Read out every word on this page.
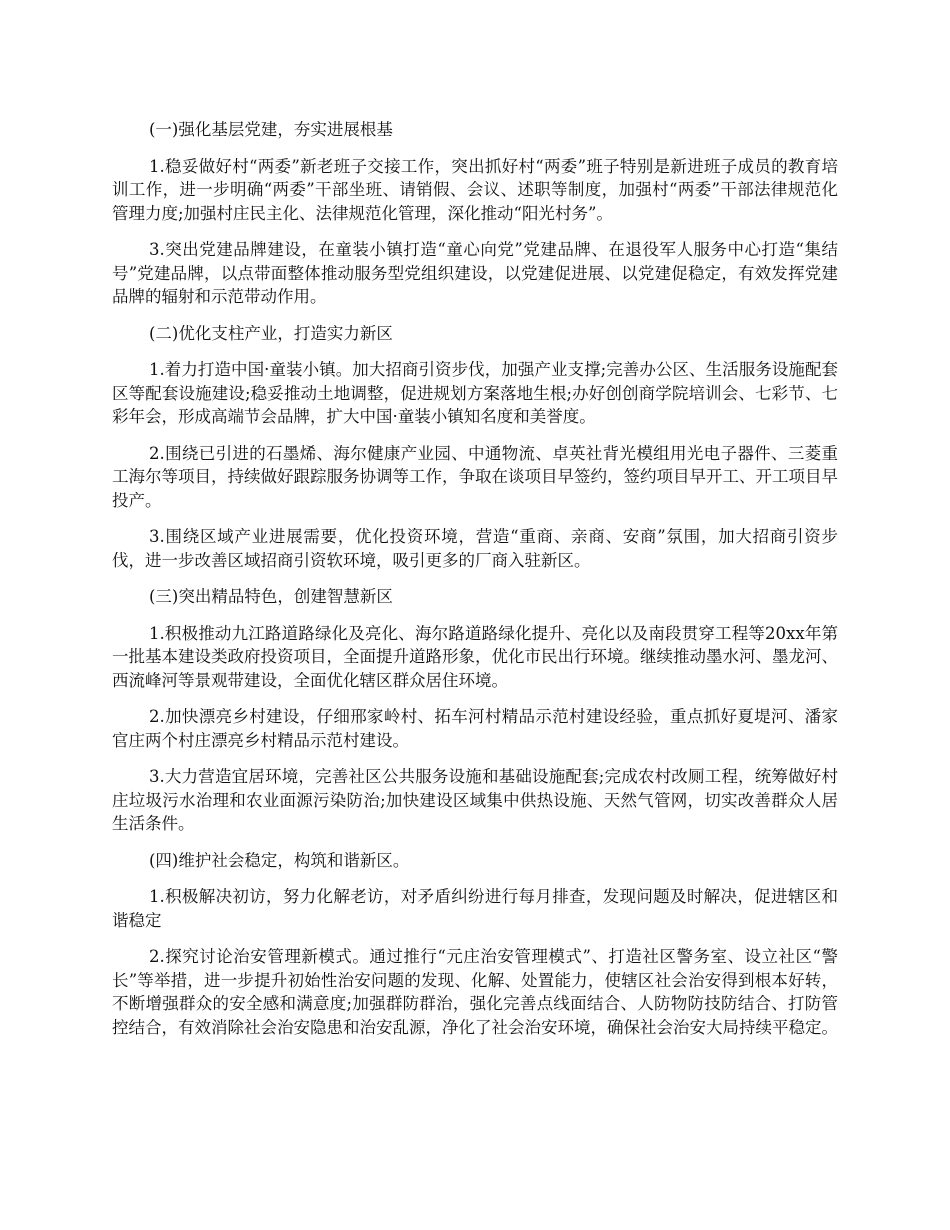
(一)强化基层党建，夯实进展根基

1.稳妥做好村“两委”新老班子交接工作，突出抓好村“两委”班子特别是新进班子成员的教育培训工作，进一步明确“两委”干部坐班、请销假、会议、述职等制度，加强村“两委”干部法律规范化管理力度;加强村庄民主化、法律规范化管理，深化推动“阳光村务”。

3.突出党建品牌建设，在童装小镇打造“童心向党”党建品牌、在退役军人服务中心打造“集结号”党建品牌，以点带面整体推动服务型党组织建设，以党建促进展、以党建促稳定，有效发挥党建品牌的辐射和示范带动作用。

(二)优化支柱产业，打造实力新区

1.着力打造中国·童装小镇。加大招商引资步伐，加强产业支撑;完善办公区、生活服务设施配套区等配套设施建设;稳妥推动土地调整，促进规划方案落地生根;办好创创商学院培训会、七彩节、七彩年会，形成高端节会品牌，扩大中国·童装小镇知名度和美誉度。

2.围绕已引进的石墨烯、海尔健康产业园、中通物流、卓英社背光模组用光电子器件、三菱重工海尔等项目，持续做好跟踪服务协调等工作，争取在谈项目早签约，签约项目早开工、开工项目早投产。

3.围绕区域产业进展需要，优化投资环境，营造“重商、亲商、安商”氛围，加大招商引资步伐，进一步改善区域招商引资软环境，吸引更多的厂商入驻新区。

(三)突出精品特色，创建智慧新区

1.积极推动九江路道路绿化及亮化、海尔路道路绿化提升、亮化以及南段贯穿工程等20xx年第一批基本建设类政府投资项目，全面提升道路形象，优化市民出行环境。继续推动墨水河、墨龙河、西流峰河等景观带建设，全面优化辖区群众居住环境。

2.加快漂亮乡村建设，仔细邢家岭村、拓车河村精品示范村建设经验，重点抓好夏堤河、潘家官庄两个村庄漂亮乡村精品示范村建设。

3.大力营造宜居环境，完善社区公共服务设施和基础设施配套;完成农村改厕工程，统筹做好村庄垃圾污水治理和农业面源污染防治;加快建设区域集中供热设施、天然气管网，切实改善群众人居生活条件。

(四)维护社会稳定，构筑和谐新区。

1.积极解决初访，努力化解老访，对矛盾纠纷进行每月排查，发现问题及时解决，促进辖区和谐稳定

2.探究讨论治安管理新模式。通过推行“元庄治安管理模式”、打造社区警务室、设立社区“警长”等举措，进一步提升初始性治安问题的发现、化解、处置能力，使辖区社会治安得到根本好转，不断增强群众的安全感和满意度;加强群防群治，强化完善点线面结合、人防物防技防结合、打防管控结合，有效消除社会治安隐患和治安乱源，净化了社会治安环境，确保社会治安大局持续平稳定。
